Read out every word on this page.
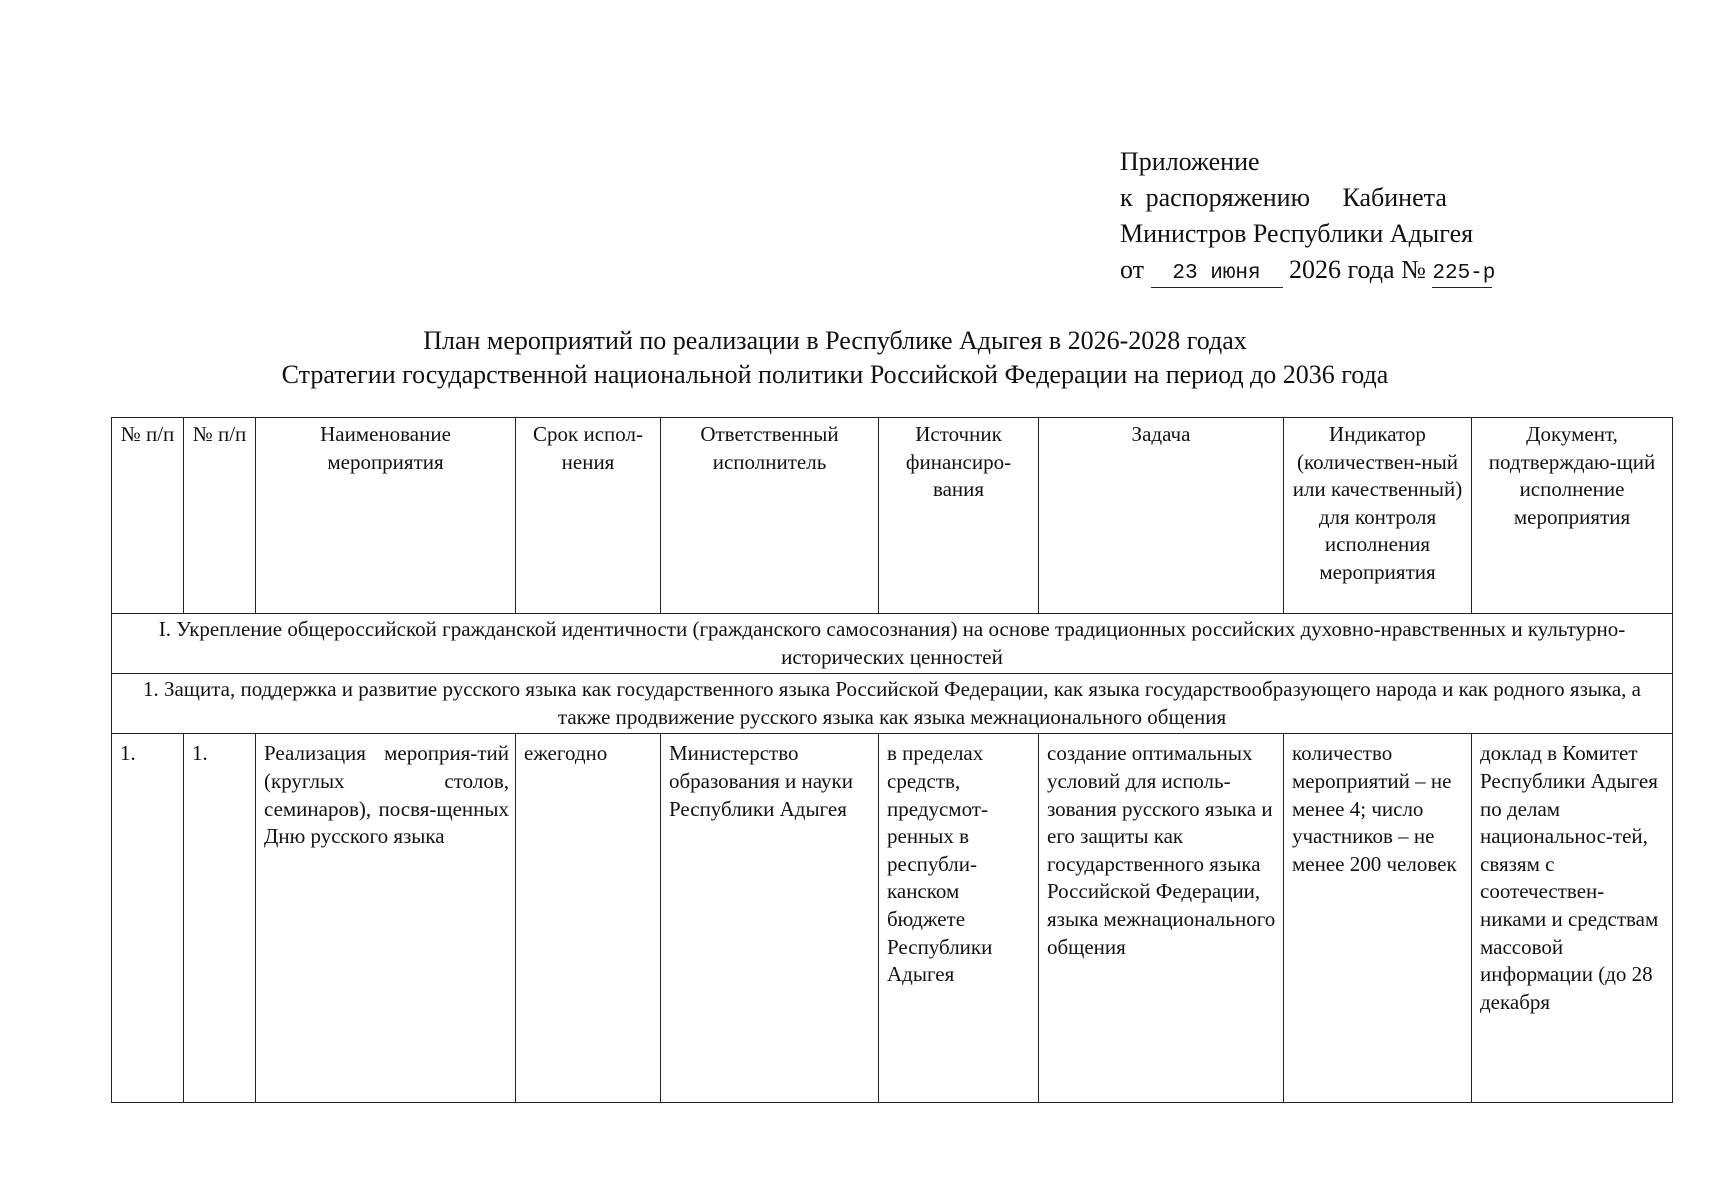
Приложение
к  распоряжению     Кабинета
Министров Республики Адыгея
от 23 июня 2026 года № 225-р
План мероприятий по реализации в Республике Адыгея в 2026-2028 годах
Стратегии государственной национальной политики Российской Федерации на период до 2036 года
№ п/п	№ п/п	Наименование мероприятия	Срок испол-нения	Ответственный исполнитель	Источник финансиро-вания	Задача	Индикатор (количествен-ный или качественный) для контроля исполнения мероприятия	Документ, подтверждаю-щий исполнение мероприятия
I. Укрепление общероссийской гражданской идентичности (гражданского самосознания) на основе традиционных российских духовно-нравственных и культурно-исторических ценностей								
1. Защита, поддержка и развитие русского языка как государственного языка Российской Федерации, как языка государствообразующего народа и как родного языка, а также продвижение русского языка как языка межнационального общения								
1.	1.	Реализация мероприя-тий (круглых столов, семинаров), посвя-щенных Дню русского языка	ежегодно	Министерство образования и науки Республики Адыгея	в пределах средств, предусмот-ренных в республи-канском бюджете Республики Адыгея	создание оптимальных условий для исполь-зования русского языка и его защиты как государственного языка Российской Федерации, языка межнационального общения	количество мероприятий – не менее 4; число участников – не менее 200 человек	доклад в Комитет Республики Адыгея по делам национальнос-тей, связям с соотечествен-никами и средствам массовой информации (до 28 декабря
